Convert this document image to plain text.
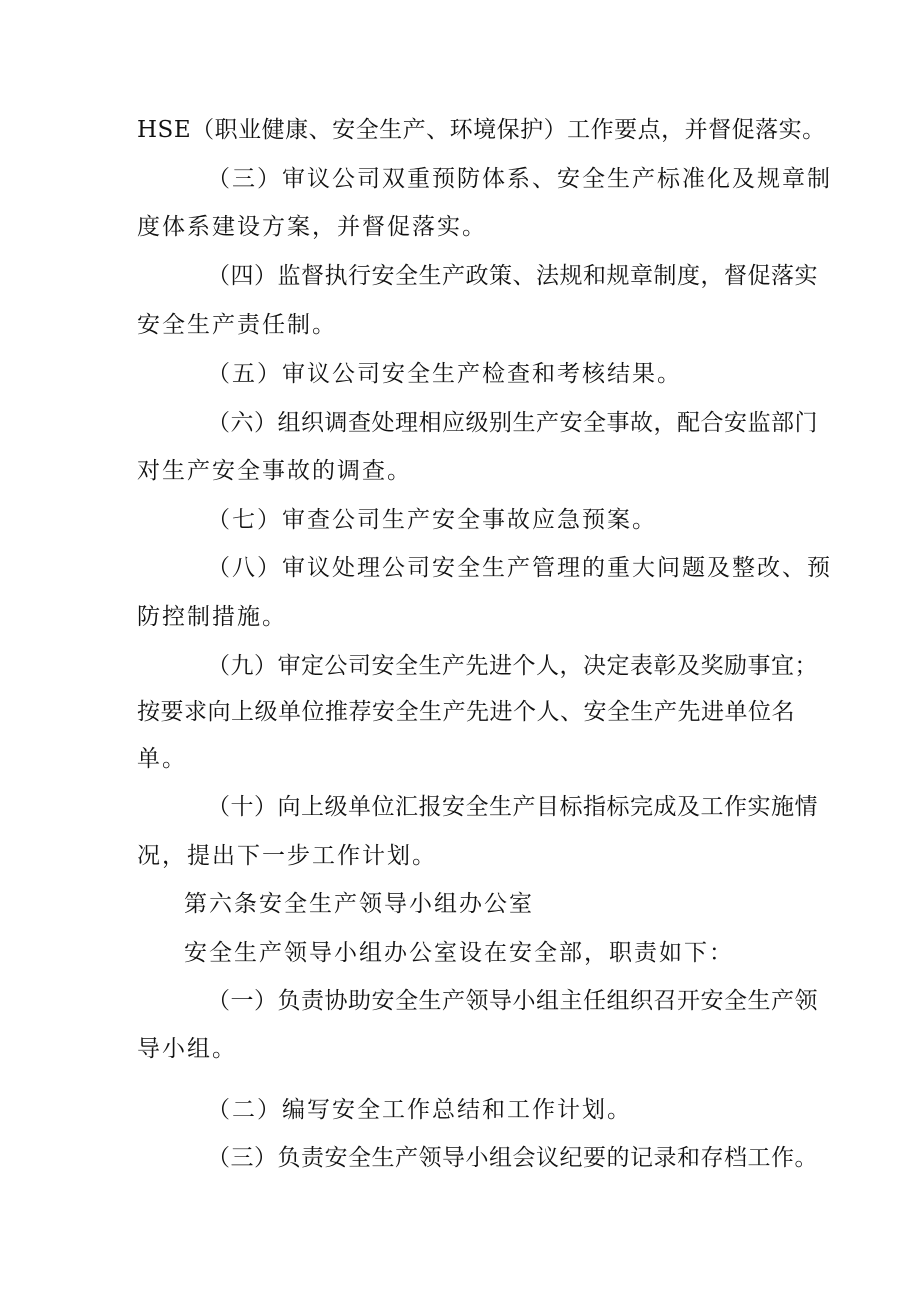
HSE（职业健康、安全生产、环境保护）工作要点，并督促落实。
（三）审议公司双重预防体系、安全生产标准化及规章制
度体系建设方案，并督促落实。
（四）监督执行安全生产政策、法规和规章制度，督促落实
安全生产责任制。
（五）审议公司安全生产检查和考核结果。
（六）组织调查处理相应级别生产安全事故，配合安监部门
对生产安全事故的调查。
（七）审查公司生产安全事故应急预案。
（八）审议处理公司安全生产管理的重大问题及整改、预
防控制措施。
（九）审定公司安全生产先进个人，决定表彰及奖励事宜；
按要求向上级单位推荐安全生产先进个人、安全生产先进单位名
单。
（十）向上级单位汇报安全生产目标指标完成及工作实施情
况，提出下一步工作计划。
第六条安全生产领导小组办公室
安全生产领导小组办公室设在安全部，职责如下：
（一）负责协助安全生产领导小组主任组织召开安全生产领
导小组。
（二）编写安全工作总结和工作计划。
（三）负责安全生产领导小组会议纪要的记录和存档工作。
